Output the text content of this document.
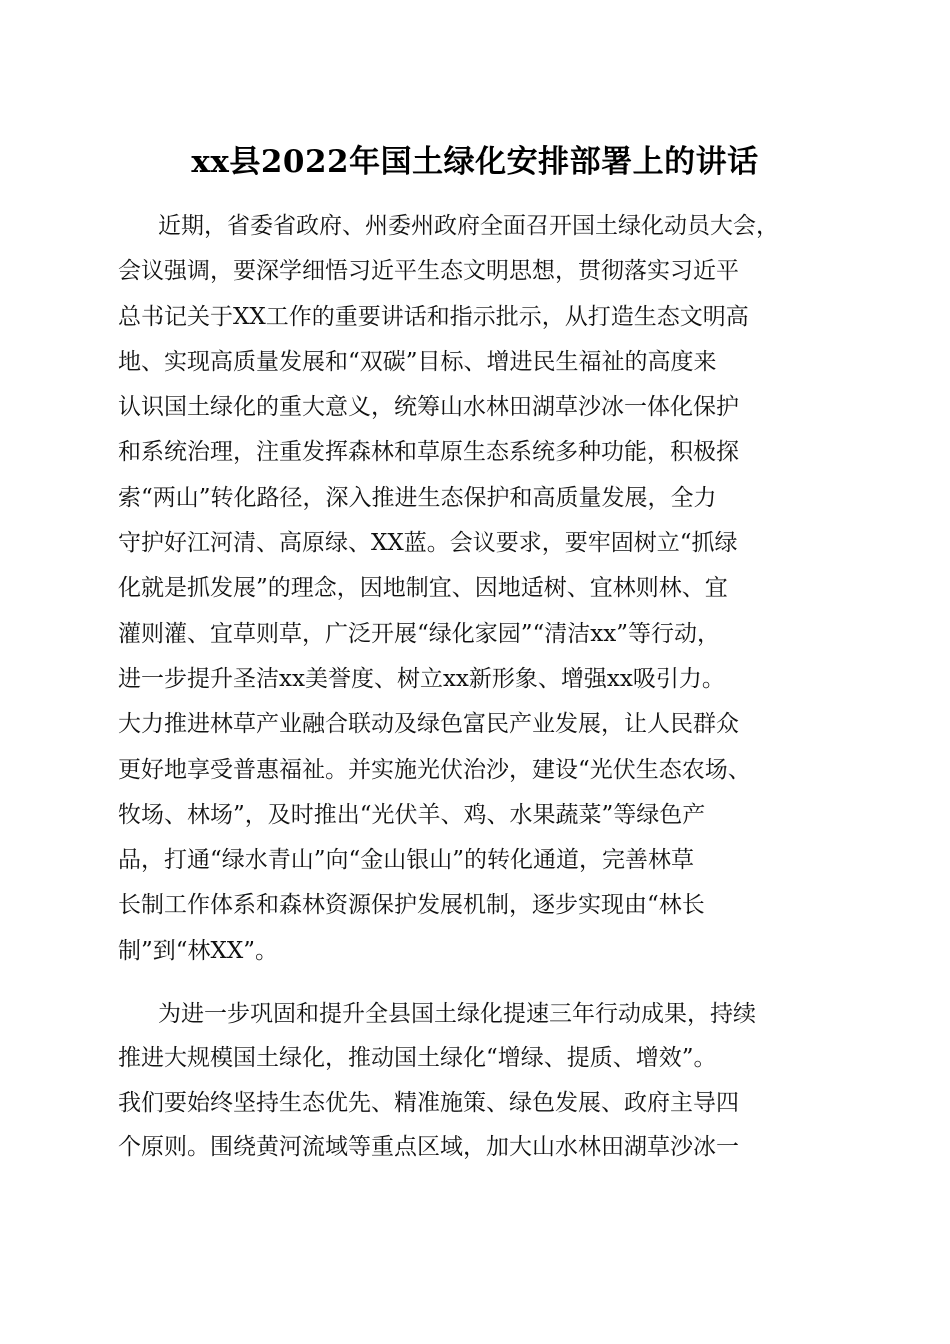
xx县2022年国土绿化安排部署上的讲话
近期，省委省政府、州委州政府全面召开国土绿化动员大会，
会议强调，要深学细悟习近平生态文明思想，贯彻落实习近平
总书记关于XX工作的重要讲话和指示批示，从打造生态文明高
地、实现高质量发展和“双碳”目标、增进民生福祉的高度来
认识国土绿化的重大意义，统筹山水林田湖草沙冰一体化保护
和系统治理，注重发挥森林和草原生态系统多种功能，积极探
索“两山”转化路径，深入推进生态保护和高质量发展，全力
守护好江河清、高原绿、XX蓝。会议要求，要牢固树立“抓绿
化就是抓发展”的理念，因地制宜、因地适树、宜林则林、宜
灌则灌、宜草则草，广泛开展“绿化家园”“清洁xx”等行动，
进一步提升圣洁xx美誉度、树立xx新形象、增强xx吸引力。
大力推进林草产业融合联动及绿色富民产业发展，让人民群众
更好地享受普惠福祉。并实施光伏治沙，建设“光伏生态农场、
牧场、林场”，及时推出“光伏羊、鸡、水果蔬菜”等绿色产
品，打通“绿水青山”向“金山银山”的转化通道，完善林草
长制工作体系和森林资源保护发展机制，逐步实现由“林长
制”到“林XX”。
为进一步巩固和提升全县国土绿化提速三年行动成果，持续
推进大规模国土绿化，推动国土绿化“增绿、提质、增效”。
我们要始终坚持生态优先、精准施策、绿色发展、政府主导四
个原则。围绕黄河流域等重点区域，加大山水林田湖草沙冰一
